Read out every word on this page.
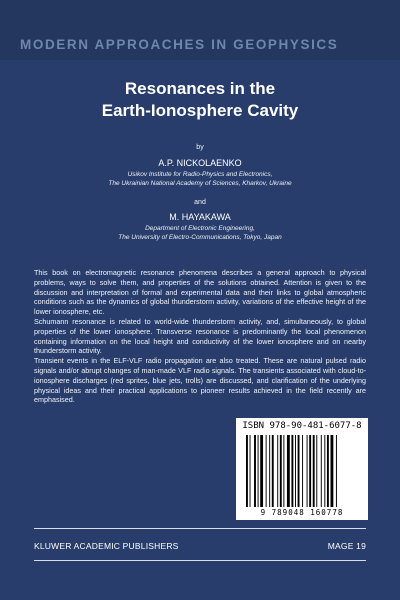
MODERN APPROACHES IN GEOPHYSICS
Resonances in the
Earth-Ionosphere Cavity
by
A.P. NICKOLAENKO
Usikov Institute for Radio-Physics and Electronics,
The Ukrainian National Academy of Sciences, Kharkov, Ukraine
and
M. HAYAKAWA
Department of Electronic Engineering,
The University of Electro-Communications, Tokyo, Japan

This book on electromagnetic resonance phenomena describes a general approach to physical problems, ways to solve them, and properties of the solutions obtained. Attention is given to the discussion and interpretation of formal and experimental data and their links to global atmospheric conditions such as the dynamics of global thunderstorm activity, variations of the effective height of the lower ionosphere, etc.

Schumann resonance is related to world-wide thunderstorm activity, and, simultaneously, to global properties of the lower ionosphere. Transverse resonance is predominantly the local phenomenon containing information on the local height and conductivity of the lower ionosphere and on nearby thunderstorm activity.

Transient events in the ELF-VLF radio propagation are also treated. These are natural pulsed radio signals and/or abrupt changes of man-made VLF radio signals. The transients associated with cloud-to-ionosphere discharges (red sprites, blue jets, trolls) are discussed, and clarification of the underlying physical ideas and their practical applications to pioneer results achieved in the field recently are emphasised.

ISBN 978-90-481-6077-8
9 789048 160778
KLUWER ACADEMIC PUBLISHERS	MAGE 19
